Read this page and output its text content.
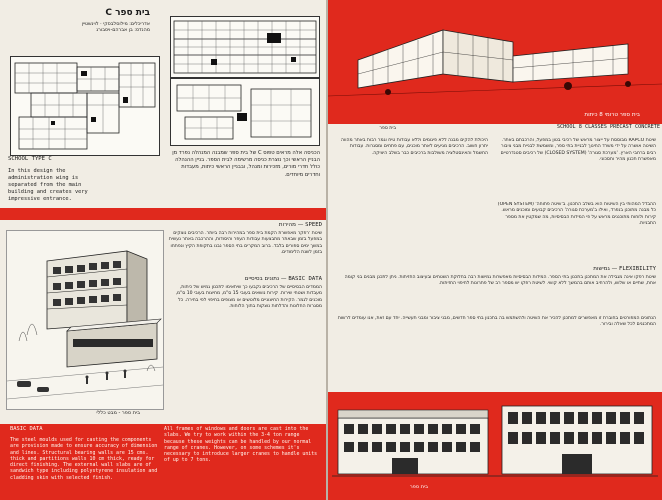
בית ספר C
אדריכלים: מילוסלבסקי · לוינשטיין
מהנדס: בן אברהם-ויסבורג
SCHOOL TYPE C
In this design the administration wing is separated from the main building and creates very impressive entrance.
הכניסה אלה מראים טפוס C של בית ספר שמבנה המנהלה נפרד מן הבניין הראשי וכך נוצרת כניסה מרשימה לבית הספר. בניין ההנהלה כולל חדרי מורים, מזכירות ומנהל, ובבניין הראשי כיתות, מעבדות וחדרים מיוחדים.
SPEED — מהירות
שיטת 'רפקו' מאפשרת הקמת בית ספר במהירות רבה ביותר. הרכיבים נוצקים במפעל בזמן שבאתר מתבצעות עבודות העפר והיסודות, וההרכבה באתר נעשית במשך ימים ספורים בלבד. ברוב המקרים בתי הספר נבנו בתקופת הקיץ ונפתחו בזמן לשנת הלימודים.
BASIC DATA — נתונים בסיסיים
הממדים הבסיסיים של הרכיבים נקבעו כך שיתאימו לתכנון גמיש של כיתות, מעבדות ושטחי שירות. קירות נושאים בעובי 15 ס"מ, מחיצות בעובי 10 ס"מ, מוכנים לגמר. הקירות החיצוניים מלוטשים או מצופים בחיפוי לפי בחירה. כל מסגרות החלונות והדלתות נוצקות בתוך הלוחות.
בית ספר - מבט כללי
BASIC DATA
The steel moulds used for casting the components are provision made to ensure accuracy of dimension and lines. Structural bearing walls are 15 cms. thick and partitions walls 10 cm thick, ready for direct finishing. The external wall slabs are of sandwich type including polystyrene insulation and cladding skin with selected finish.
All frames of windows and doors are cast into the slabs. We try to work within the 3-4 ton range because these weights can be handled by our normal range of cranes. However, on some schemes it's necessary to introduce larger cranes to handle units of up to 7 tons.
בית ספר
בית ספר טרומי 8 כיתות
SCHOOL 8 CLASSES PRECAST CONCRETE
שיטת RAPCO מבוססת על ייצור מראש של רכיבי בטון במפעל, והרכבתם באתר. השיטה אושרה על ידי משרד החינוך לבניית בתי ספר, ומשמשת לבניית מבני ציבור רבים ברחבי הארץ. 'מערכת סגורה' (CLOSED SYSTEM) של רכיבים סטנדרטיים מאפשרת תכנון מהיר וחסכוני.
ההבדל המהותי בין השיטות הוא בשלב התכנון. ב'שיטה פתוחה' (OPEN SYSTEM) כל מבנה מתוכנן בנפרד, ואילו ב'מערכת סגורה' הרכיבים קבועים ומוכנים מראש. קירות ולוחות מתוכננים מראש על פי המידות הבסיסיות, מה שמקטין את מספר התבניות.
היכולת להקים מבנה ללא פיגומים וללא עבודות טיח וגמר רבות באתר מהווה יתרון חשוב. הרכיבים מגיעים לאתר מוכנים, עם פתחים ומסגרות. עבודות החשמל והאינסטלציה משולבות ברכיבים כבר בשלב היציקה.
FLEXIBILITY — גמישות
שיטת רפקו אינה מגבילה את המתכנן בתכנון בתי הספר. המידות הבסיסיות מאפשרות גמישות רבה בחלוקת השטחים ובעיצוב החזיתות. ניתן לתכנן מבנים בני קומה אחת, שתיים או שלוש, ולהרחיב אותם בהמשך ללא קושי. לשיטת רפקו יש מספר רב של פתרונות לחיפוי החזיתות.
הנתונים המפורטים בחוברת זו מאפשרים למתכנן להכיר את השיטה ולהשתמש בה בתכנון בתי ספר חדשים, מבני ציבור ומבני תעשייה. יחד עם זאת, אנו עומדים לרשות המתכננים לכל שאלה ובירור.
בית ספר
